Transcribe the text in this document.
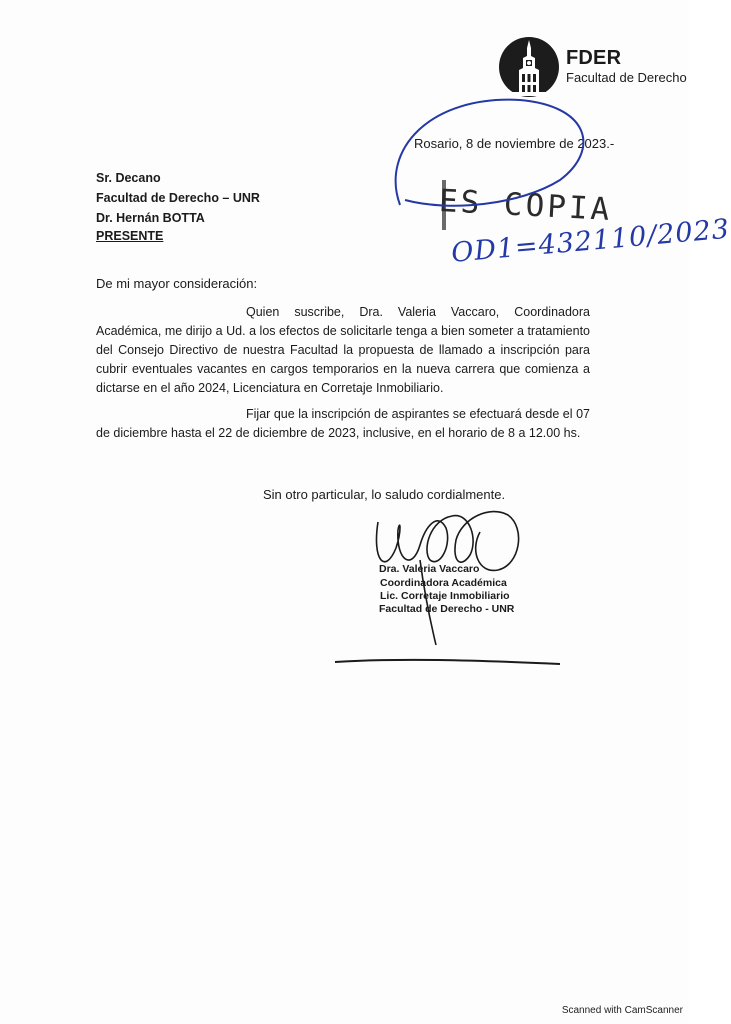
FDER
Facultad de Derecho
Rosario, 8 de noviembre de 2023.-
ES COPIA
OD1=432110/2023
Sr. Decano
Facultad de Derecho – UNR
Dr. Hernán BOTTA
PRESENTE
De mi mayor consideración:
Quien suscribe, Dra. Valeria Vaccaro, Coordinadora Académica, me dirijo a Ud. a los efectos de solicitarle tenga a bien someter a tratamiento del Consejo Directivo de nuestra Facultad la propuesta de llamado a inscripción para cubrir eventuales vacantes en cargos temporarios en la nueva carrera que comienza a dictarse en el año 2024, Licenciatura en Corretaje Inmobiliario.
Fijar que la inscripción de aspirantes se efectuará desde el 07 de diciembre hasta el 22 de diciembre de 2023, inclusive, en el horario de 8 a 12.00 hs.
Sin otro particular, lo saludo cordialmente.
Dra. Valeria Vaccaro
Coordinadora Académica
Lic. Corretaje Inmobiliario
Facultad de Derecho - UNR
Scanned with CamScanner
